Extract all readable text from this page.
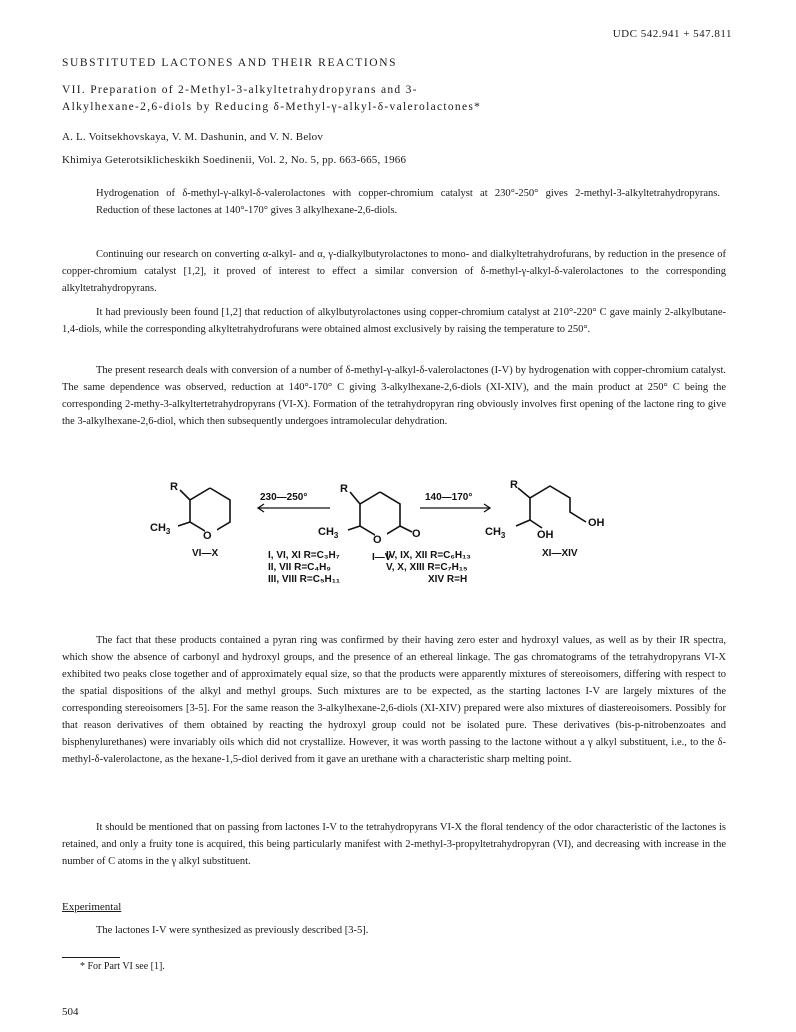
UDC 542.941 + 547.811
SUBSTITUTED LACTONES AND THEIR REACTIONS
VII. Preparation of 2-Methyl-3-alkyltetrahydropyrans and 3-
Alkylhexane-2,6-diols by Reducing δ-Methyl-γ-alkyl-δ-valerolactones*
A. L. Voitsekhovskaya, V. M. Dashunin, and V. N. Belov
Khimiya Geterotsiklicheskikh Soedinenii, Vol. 2, No. 5, pp. 663-665, 1966
Hydrogenation of δ-methyl-γ-alkyl-δ-valerolactones with copper-chromium catalyst at 230°-250° gives 2-methyl-3-alkyltetrahydropyrans. Reduction of these lactones at 140°-170° gives 3 alkylhexane-2,6-diols.

Continuing our research on converting α-alkyl- and α, γ-dialkylbutyrolactones to mono- and dialkyltetrahydrofurans, by reduction in the presence of copper-chromium catalyst [1,2], it proved of interest to effect a similar conversion of δ-methyl-γ-alkyl-δ-valerolactones to the corresponding alkyltetrahydropyrans.

It had previously been found [1,2] that reduction of alkylbutyrolactones using copper-chromium catalyst at 210°-220° C gave mainly 2-alkylbutane-1,4-diols, while the corresponding alkyltetrahydrofurans were obtained almost exclusively by raising the temperature to 250°.

The present research deals with conversion of a number of δ-methyl-γ-alkyl-δ-valerolactones (I-V) by hydrogenation with copper-chromium catalyst. The same dependence was observed, reduction at 140°-170° C giving 3-alkylhexane-2,6-diols (XI-XIV), and the main product at 250° C being the corresponding 2-methy-3-alkyltertetrahydropyrans (VI-X). Formation of the tetrahydropyran ring obviously involves first opening of the lactone ring to give the 3-alkylhexane-2,6-diol, which then subsequently undergoes intramolecular dehydration.

O
R
$CH_3$
VI—X
230—250°
O	O
R
$CH_3$
I—V
140—170°
R
$CH_3$	OH
OH
XI—XIV
I, VI, XI R=C₃H₇
II, VII R=C₄H₉
III, VIII R=C₅H₁₁
IV, IX, XII R=C₆H₁₃
V, X, XIII R=C₇H₁₅
XIV R=H

The fact that these products contained a pyran ring was confirmed by their having zero ester and hydroxyl values, as well as by their IR spectra, which show the absence of carbonyl and hydroxyl groups, and the presence of an ethereal linkage. The gas chromatograms of the tetrahydropyrans VI-X exhibited two peaks close together and of approximately equal size, so that the products were apparently mixtures of stereoisomers, differing with respect to the spatial dispositions of the alkyl and methyl groups. Such mixtures are to be expected, as the starting lactones I-V are largely mixtures of the corresponding stereoisomers [3-5]. For the same reason the 3-alkylhexane-2,6-diols (XI-XIV) prepared were also mixtures of diastereoisomers. Possibly for that reason derivatives of them obtained by reacting the hydroxyl group could not be isolated pure. These derivatives (bis-p-nitrobenzoates and bisphenylurethanes) were invariably oils which did not crystallize. However, it was worth passing to the lactone without a γ alkyl substituent, i.e., to the δ-methyl-δ-valerolactone, as the hexane-1,5-diol derived from it gave an urethane with a characteristic sharp melting point.

It should be mentioned that on passing from lactones I-V to the tetrahydropyrans VI-X the floral tendency of the odor characteristic of the lactones is retained, and only a fruity tone is acquired, this being particularly manifest with 2-methyl-3-propyltetrahydropyran (VI), and decreasing with increase in the number of C atoms in the γ alkyl substituent.

Experimental

The lactones I-V were synthesized as previously described [3-5].

* For Part VI see [1].
504
